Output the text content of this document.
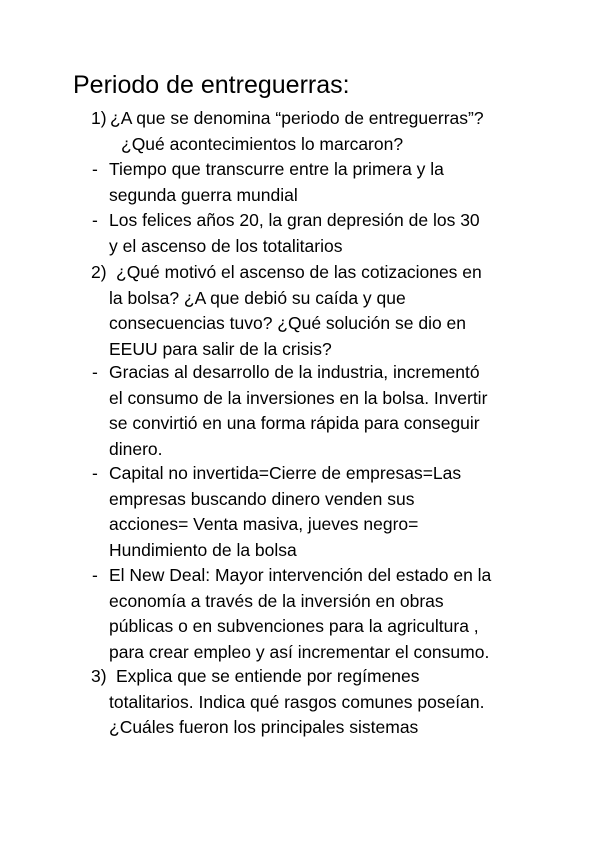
Periodo de entreguerras:
1) ¿A que se denomina “periodo de entreguerras”?
¿Qué acontecimientos lo marcaron?
- Tiempo que transcurre entre la primera y la
segunda guerra mundial
- Los felices años 20, la gran depresión de los 30
y el ascenso de los totalitarios
2) ¿Qué motivó el ascenso de las cotizaciones en
la bolsa? ¿A que debió su caída y que
consecuencias tuvo? ¿Qué solución se dio en
EEUU para salir de la crisis?
- Gracias al desarrollo de la industria, incrementó
el consumo de la inversiones en la bolsa. Invertir
se convirtió en una forma rápida para conseguir
dinero.
- Capital no invertida=Cierre de empresas=Las
empresas buscando dinero venden sus
acciones= Venta masiva, jueves negro=
Hundimiento de la bolsa
- El New Deal: Mayor intervención del estado en la
economía a través de la inversión en obras
públicas o en subvenciones para la agricultura ,
para crear empleo y así incrementar el consumo.
3) Explica que se entiende por regímenes
totalitarios. Indica qué rasgos comunes poseían.
¿Cuáles fueron los principales sistemas
